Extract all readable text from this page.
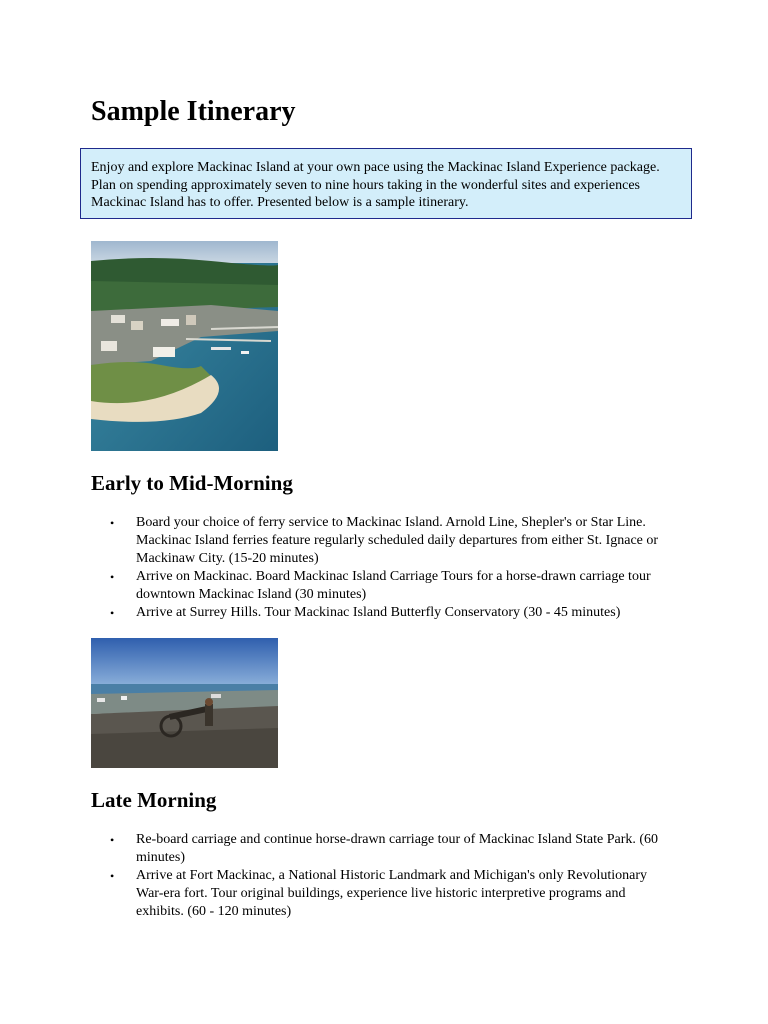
Sample Itinerary
Enjoy and explore Mackinac Island at your own pace using the Mackinac Island Experience package. Plan on spending approximately seven to nine hours taking in the wonderful sites and experiences Mackinac Island has to offer. Presented below is a sample itinerary.
Early to Mid-Morning
• Board your choice of ferry service to Mackinac Island. Arnold Line, Shepler's or Star Line. Mackinac Island ferries feature regularly scheduled daily departures from either St. Ignace or Mackinaw City. (15-20 minutes)
• Arrive on Mackinac. Board Mackinac Island Carriage Tours for a horse-drawn carriage tour downtown Mackinac Island (30 minutes)
• Arrive at Surrey Hills. Tour Mackinac Island Butterfly Conservatory (30 - 45 minutes)
Late Morning
• Re-board carriage and continue horse-drawn carriage tour of Mackinac Island State Park. (60 minutes)
• Arrive at Fort Mackinac, a National Historic Landmark and Michigan's only Revolutionary War-era fort. Tour original buildings, experience live historic interpretive programs and exhibits. (60 - 120 minutes)
